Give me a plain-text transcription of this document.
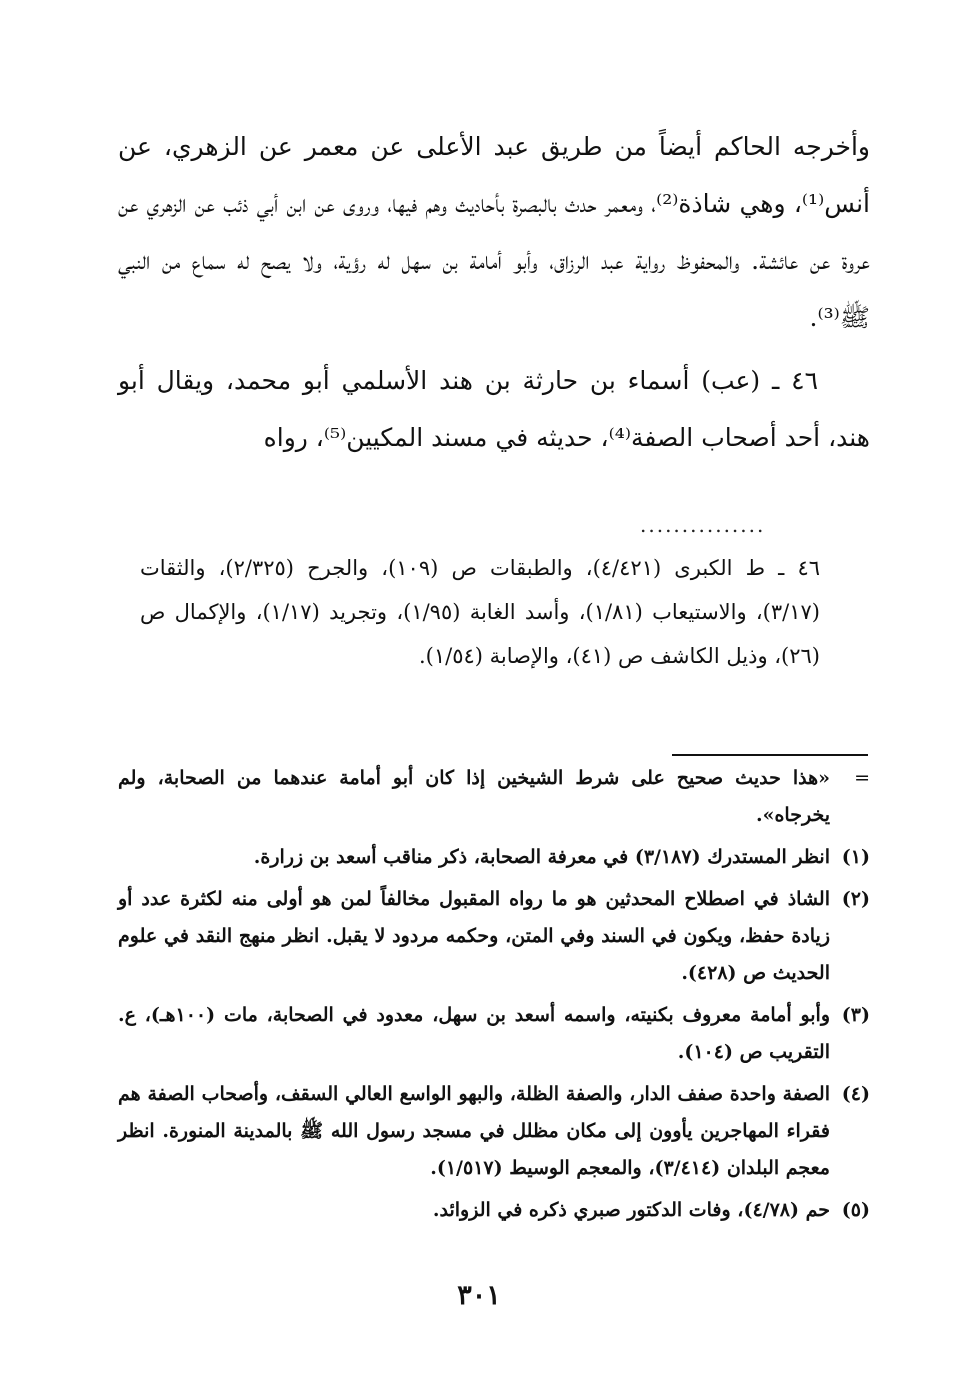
وأخرجه الحاكم أيضاً من طريق عبد الأعلى عن معمر عن الزهري، عن أنس⁽¹⁾، وهي شاذة⁽²⁾، ومعمر حدث بالبصرة بأحاديث وهم فيها، وروى عن ابن أبي ذئب عن الزهري عن عروة عن عائشة. والمحفوظ رواية عبد الرزاق، وأبو أمامة بن سهل له رؤية، ولا يصح له سماع من النبي ﷺ⁽³⁾.

٤٦ ـ (عب) أسماء بن حارثة بن هند الأسلمي أبو محمد، ويقال أبو هند، أحد أصحاب الصفة⁽⁴⁾، حديثه في مسند المكيين⁽⁵⁾، رواه

...............
٤٦ ـ ط الكبرى (٤/٤٢١)، والطبقات ص (١٠٩)، والجرح (٢/٣٢٥)، والثقات (٣/١٧)، والاستيعاب (١/٨١)، وأسد الغابة (١/٩٥)، وتجريد (١/١٧)، والإكمال ص (٢٦)، وذيل الكاشف ص (٤١)، والإصابة (١/٥٤).
=
«هذا حديث صحيح على شرط الشيخين إذا كان أبو أمامة عندهما من الصحابة، ولم يخرجاه».
(١)
انظر المستدرك (٣/١٨٧) في معرفة الصحابة، ذكر مناقب أسعد بن زرارة.
(٢)
الشاذ في اصطلاح المحدثين هو ما رواه المقبول مخالفاً لمن هو أولى منه لكثرة عدد أو زيادة حفظ، ويكون في السند وفي المتن، وحكمه مردود لا يقبل. انظر منهج النقد في علوم الحديث ص (٤٢٨).
(٣)
وأبو أمامة معروف بكنيته، واسمه أسعد بن سهل، معدود في الصحابة، مات (١٠٠هـ)، ع. التقريب ص (١٠٤).
(٤)
الصفة واحدة صفف الدار، والصفة الظلة، والبهو الواسع العالي السقف، وأصحاب الصفة هم فقراء المهاجرين يأوون إلى مكان مظلل في مسجد رسول الله ﷺ بالمدينة المنورة. انظر معجم البلدان (٣/٤١٤)، والمعجم الوسيط (١/٥١٧).
(٥)
حم (٤/٧٨)، وفات الدكتور صبري ذكره في الزوائد.
٣٠١
